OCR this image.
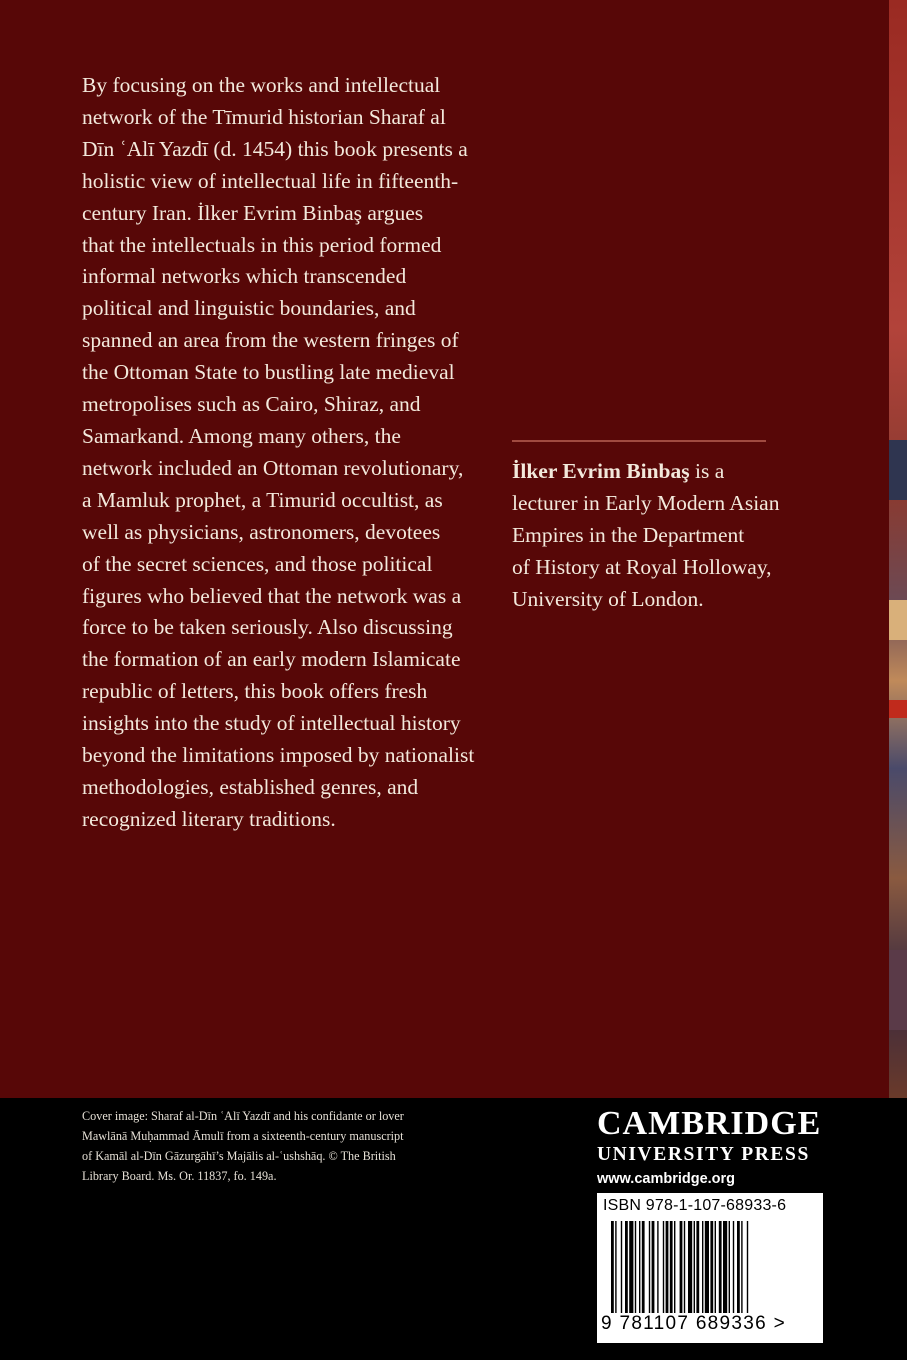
By focusing on the works and intellectual
network of the Tīmurid historian Sharaf al
Dīn ʿAlī Yazdī (d. 1454) this book presents a
holistic view of intellectual life in fifteenth-
century Iran. İlker Evrim Binbaş argues
that the intellectuals in this period formed
informal networks which transcended
political and linguistic boundaries, and
spanned an area from the western fringes of
the Ottoman State to bustling late medieval
metropolises such as Cairo, Shiraz, and
Samarkand. Among many others, the
network included an Ottoman revolutionary,
a Mamluk prophet, a Timurid occultist, as
well as physicians, astronomers, devotees
of the secret sciences, and those political
figures who believed that the network was a
force to be taken seriously. Also discussing
the formation of an early modern Islamicate
republic of letters, this book offers fresh
insights into the study of intellectual history
beyond the limitations imposed by nationalist
methodologies, established genres, and
recognized literary traditions.
İlker Evrim Binbaş is a
lecturer in Early Modern Asian
Empires in the Department
of History at Royal Holloway,
University of London.
Cover image: Sharaf al-Dīn ʿAlī Yazdī and his confidante or lover
Mawlānā Muḥammad Āmulī from a sixteenth-century manuscript
of Kamāl al-Dīn Gāzurgāhī’s Majālis al-ʿushshāq. © The British
Library Board. Ms. Or. 11837, fo. 149a.
CAMBRIDGE
UNIVERSITY PRESS
www.cambridge.org
ISBN 978-1-107-68933-6
9 781107 689336 >
